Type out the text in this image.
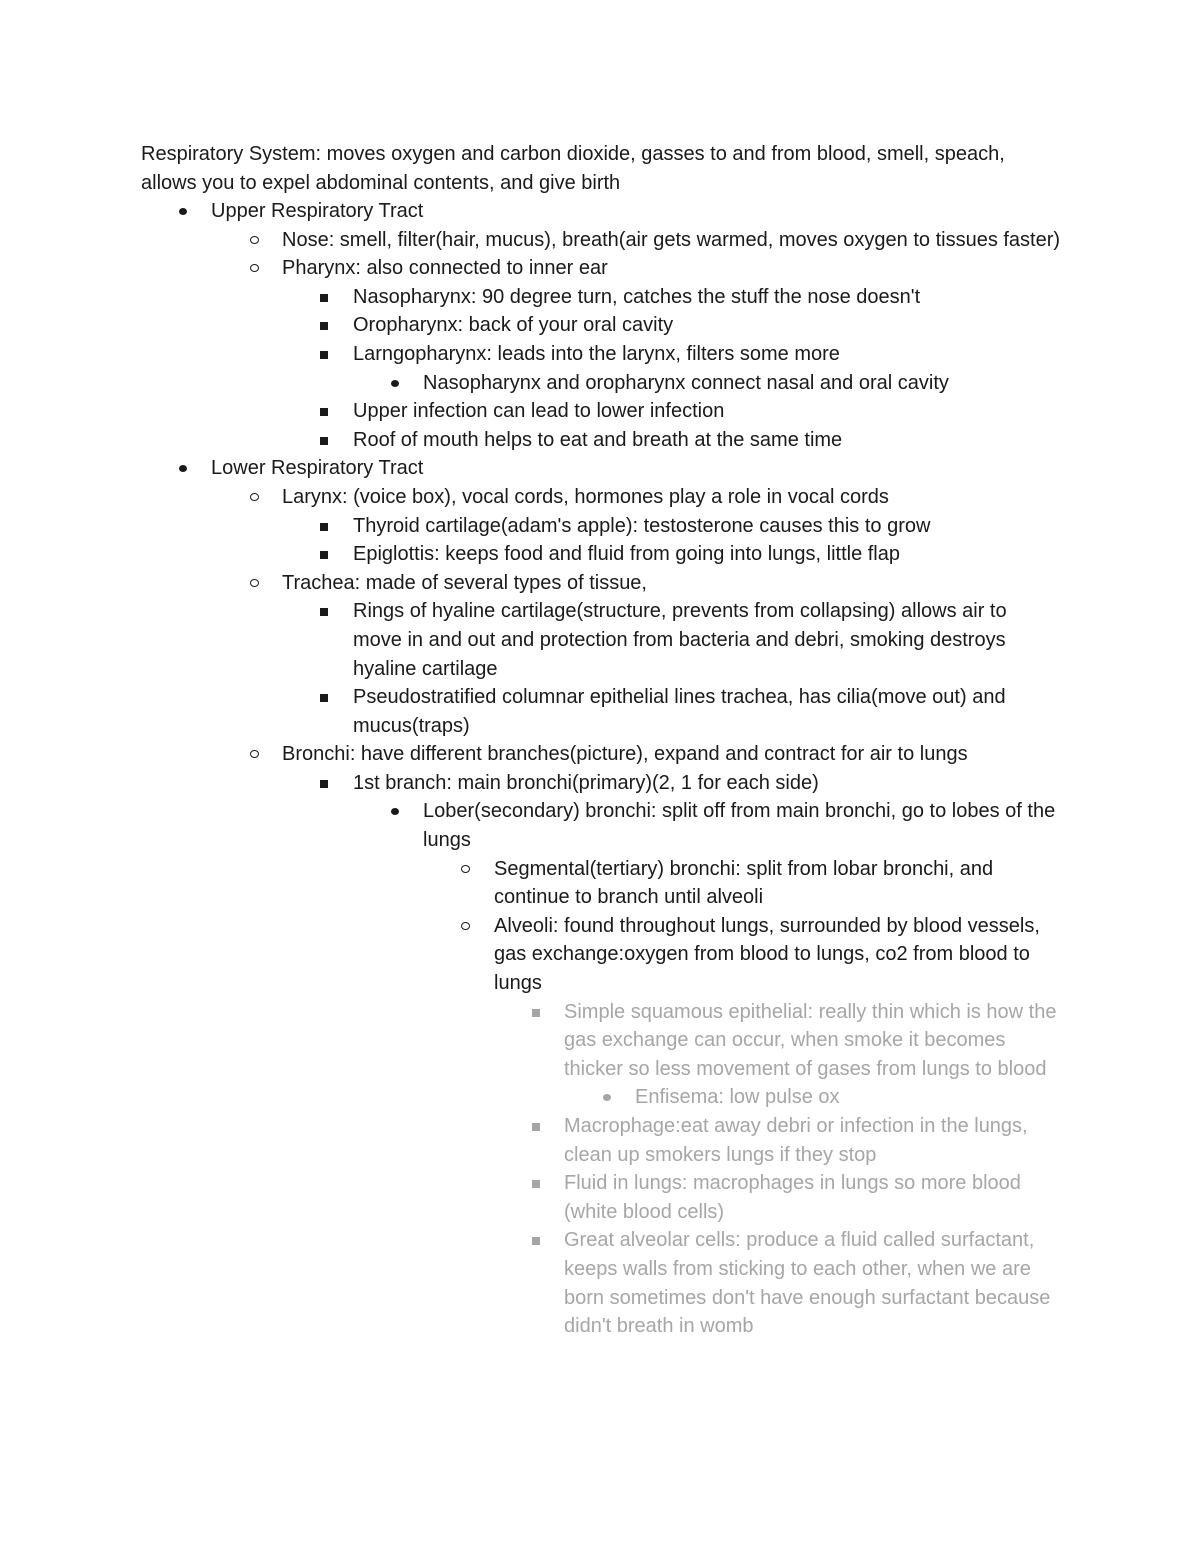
Respiratory System: moves oxygen and carbon dioxide, gasses to and from blood, smell, speach, allows you to expel abdominal contents, and give birth

Upper Respiratory Tract
Nose: smell, filter(hair, mucus), breath(air gets warmed, moves oxygen to tissues faster)
Pharynx: also connected to inner ear
Nasopharynx: 90 degree turn, catches the stuff the nose doesn't
Oropharynx: back of your oral cavity
Larngopharynx: leads into the larynx, filters some more
Nasopharynx and oropharynx connect nasal and oral cavity
Upper infection can lead to lower infection
Roof of mouth helps to eat and breath at the same time
Lower Respiratory Tract
Larynx: (voice box), vocal cords, hormones play a role in vocal cords
Thyroid cartilage(adam's apple): testosterone causes this to grow
Epiglottis: keeps food and fluid from going into lungs, little flap
Trachea: made of several types of tissue,
Rings of hyaline cartilage(structure, prevents from collapsing) allows air to move in and out and protection from bacteria and debri, smoking destroys hyaline cartilage
Pseudostratified columnar epithelial lines trachea, has cilia(move out) and mucus(traps)
Bronchi: have different branches(picture), expand and contract for air to lungs
1st branch: main bronchi(primary)(2, 1 for each side)
Lober(secondary) bronchi: split off from main bronchi, go to lobes of the lungs
Segmental(tertiary) bronchi: split from lobar bronchi, and continue to branch until alveoli
Alveoli: found throughout lungs, surrounded by blood vessels, gas exchange:oxygen from blood to lungs, co2 from blood to lungs
Simple squamous epithelial: really thin which is how the gas exchange can occur, when smoke it becomes thicker so less movement of gases from lungs to blood
Enfisema: low pulse ox
Macrophage:eat away debri or infection in the lungs, clean up smokers lungs if they stop
Fluid in lungs: macrophages in lungs so more blood (white blood cells)
Great alveolar cells: produce a fluid called surfactant, keeps walls from sticking to each other, when we are born sometimes don't have enough surfactant because didn't breath in womb
